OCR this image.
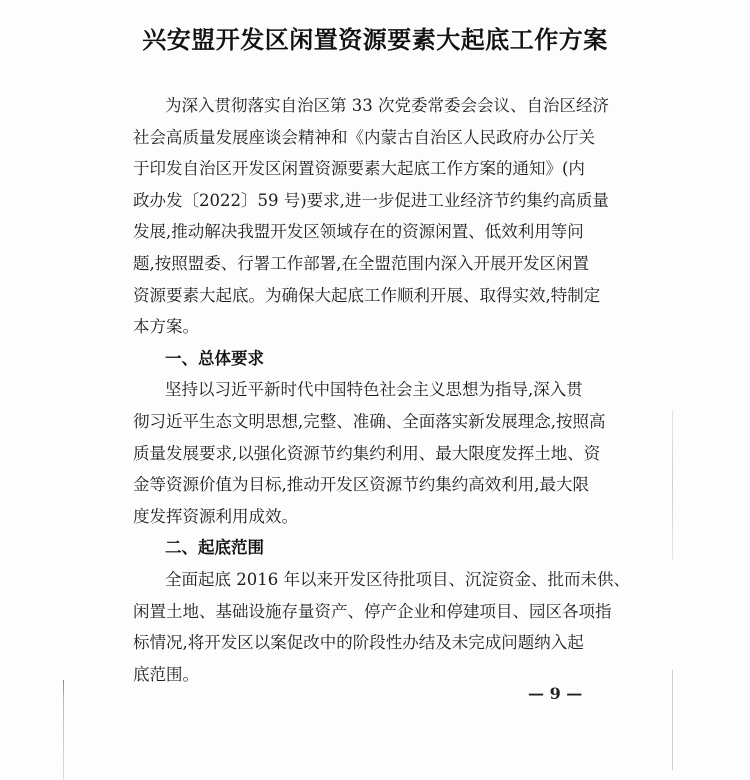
兴安盟开发区闲置资源要素大起底工作方案
为深入贯彻落实自治区第 33 次党委常委会会议、自治区经济
社会高质量发展座谈会精神和《内蒙古自治区人民政府办公厅关
于印发自治区开发区闲置资源要素大起底工作方案的通知》(内
政办发〔2022〕59 号)要求,进一步促进工业经济节约集约高质量
发展,推动解决我盟开发区领域存在的资源闲置、低效利用等问
题,按照盟委、行署工作部署,在全盟范围内深入开展开发区闲置
资源要素大起底。为确保大起底工作顺利开展、取得实效,特制定
本方案。
一、总体要求
坚持以习近平新时代中国特色社会主义思想为指导,深入贯
彻习近平生态文明思想,完整、准确、全面落实新发展理念,按照高
质量发展要求,以强化资源节约集约利用、最大限度发挥土地、资
金等资源价值为目标,推动开发区资源节约集约高效利用,最大限
度发挥资源利用成效。
二、起底范围
全面起底 2016 年以来开发区待批项目、沉淀资金、批而未供、
闲置土地、基础设施存量资产、停产企业和停建项目、园区各项指
标情况,将开发区以案促改中的阶段性办结及未完成问题纳入起
底范围。
— 9 —
